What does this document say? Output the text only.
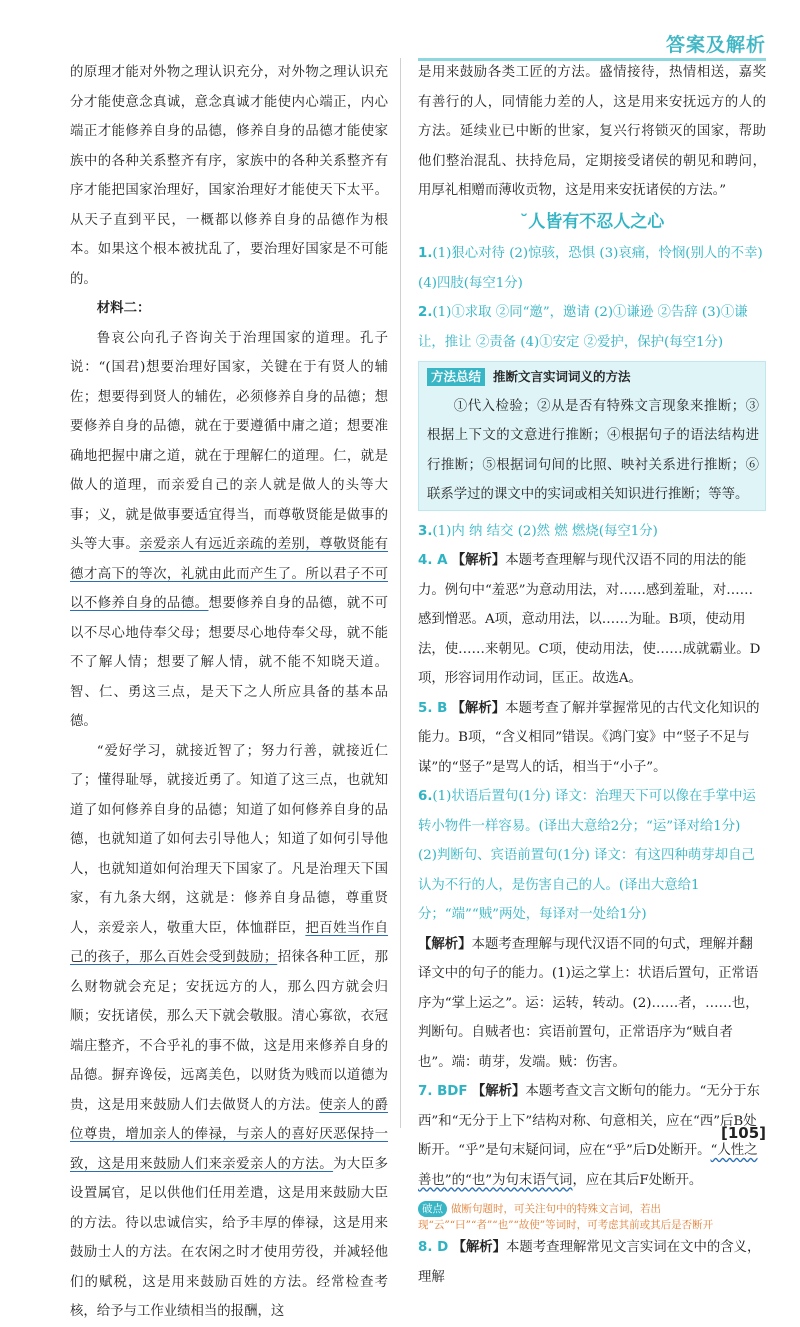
答案及解析

的原理才能对外物之理认识充分，对外物之理认识充分才能使意念真诚，意念真诚才能使内心端正，内心端正才能修养自身的品德，修养自身的品德才能使家族中的各种关系整齐有序，家族中的各种关系整齐有序才能把国家治理好，国家治理好才能使天下太平。从天子直到平民，一概都以修养自身的品德作为根本。如果这个根本被扰乱了，要治理好国家是不可能的。

材料二：

鲁哀公向孔子咨询关于治理国家的道理。孔子说：“(国君)想要治理好国家，关键在于有贤人的辅佐；想要得到贤人的辅佐，必须修养自身的品德；想要修养自身的品德，就在于要遵循中庸之道；想要准确地把握中庸之道，就在于理解仁的道理。仁，就是做人的道理，而亲爱自己的亲人就是做人的头等大事；义，就是做事要适宜得当，而尊敬贤能是做事的头等大事。亲爱亲人有远近亲疏的差别，尊敬贤能有德才高下的等次，礼就由此而产生了。所以君子不可以不修养自身的品德。想要修养自身的品德，就不可以不尽心地侍奉父母；想要尽心地侍奉父母，就不能不了解人情；想要了解人情，就不能不知晓天道。智、仁、勇这三点，是天下之人所应具备的基本品德。

“爱好学习，就接近智了；努力行善，就接近仁了；懂得耻辱，就接近勇了。知道了这三点，也就知道了如何修养自身的品德；知道了如何修养自身的品德，也就知道了如何去引导他人；知道了如何引导他人，也就知道如何治理天下国家了。凡是治理天下国家，有九条大纲，这就是：修养自身品德，尊重贤人，亲爱亲人，敬重大臣，体恤群臣，把百姓当作自己的孩子，那么百姓会受到鼓励；招徕各种工匠，那么财物就会充足；安抚远方的人，那么四方就会归顺；安抚诸侯，那么天下就会敬服。清心寡欲，衣冠端庄整齐，不合乎礼的事不做，这是用来修养自身的品德。摒弃谗佞，远离美色，以财货为贱而以道德为贵，这是用来鼓励人们去做贤人的方法。使亲人的爵位尊贵，增加亲人的俸禄，与亲人的喜好厌恶保持一致，这是用来鼓励人们来亲爱亲人的方法。为大臣多设置属官，足以供他们任用差遣，这是用来鼓励大臣的方法。待以忠诚信实，给予丰厚的俸禄，这是用来鼓励士人的方法。在农闲之时才使用劳役，并减轻他们的赋税，这是用来鼓励百姓的方法。经常检查考核，给予与工作业绩相当的报酬，这

是用来鼓励各类工匠的方法。盛情接待，热情相送，嘉奖有善行的人，同情能力差的人，这是用来安抚远方的人的方法。延续业已中断的世家，复兴行将锁灭的国家，帮助他们整治混乱、扶持危局，定期接受诸侯的朝见和聘问，用厚礼相赠而薄收贡物，这是用来安抚诸侯的方法。”

˘人皆有不忍人之心

1.(1)狠心对待 (2)惊骇，恐惧 (3)哀痛，怜悯(别人的不幸) (4)四肢(每空1分)

2.(1)①求取 ②同“邀”，邀请 (2)①谦逊 ②告辞 (3)①谦让，推让 ②责备 (4)①安定 ②爱护，保护(每空1分)

方法总结 推断文言实词词义的方法

①代入检验；②从是否有特殊文言现象来推断；③根据上下文的文意进行推断；④根据句子的语法结构进行推断；⑤根据词句间的比照、映衬关系进行推断；⑥联系学过的课文中的实词或相关知识进行推断；等等。

3.(1)内 纳 结交 (2)然 燃 燃烧(每空1分)

4. A 【解析】本题考查理解与现代汉语不同的用法的能力。例句中“羞恶”为意动用法，对……感到羞耻，对……感到憎恶。A项，意动用法，以……为耻。B项，使动用法，使……来朝见。C项，使动用法，使……成就霸业。D项，形容词用作动词，匡正。故选A。

5. B 【解析】本题考查了解并掌握常见的古代文化知识的能力。B项，“含义相同”错误。《鸿门宴》中“竖子不足与谋”的“竖子”是骂人的话，相当于“小子”。

6.(1)状语后置句(1分) 译文：治理天下可以像在手掌中运转小物件一样容易。(译出大意给2分；“运”译对给1分)

(2)判断句、宾语前置句(1分) 译文：有这四种萌芽却自己认为不行的人，是伤害自己的人。(译出大意给1分；“端”“贼”两处，每译对一处给1分)

【解析】本题考查理解与现代汉语不同的句式，理解并翻译文中的句子的能力。(1)运之掌上：状语后置句，正常语序为“掌上运之”。运：运转，转动。(2)……者，……也，判断句。自贼者也：宾语前置句，正常语序为“贼自者也”。端：萌芽，发端。贼：伤害。

7. BDF 【解析】本题考查文言文断句的能力。“无分于东西”和“无分于上下”结构对称、句意相关，应在“西”后B处断开。“乎”是句末疑问词，应在“乎”后D处断开。“人性之善也”的“也”为句末语气词，应在其后F处断开。

破点 做断句题时，可关注句中的特殊文言词，若出现“云”“曰”“者”“也”“故使”等词时，可考虑其前或其后是否断开

8. D 【解析】本题考查理解常见文言实词在文中的含义，理解

[105]
